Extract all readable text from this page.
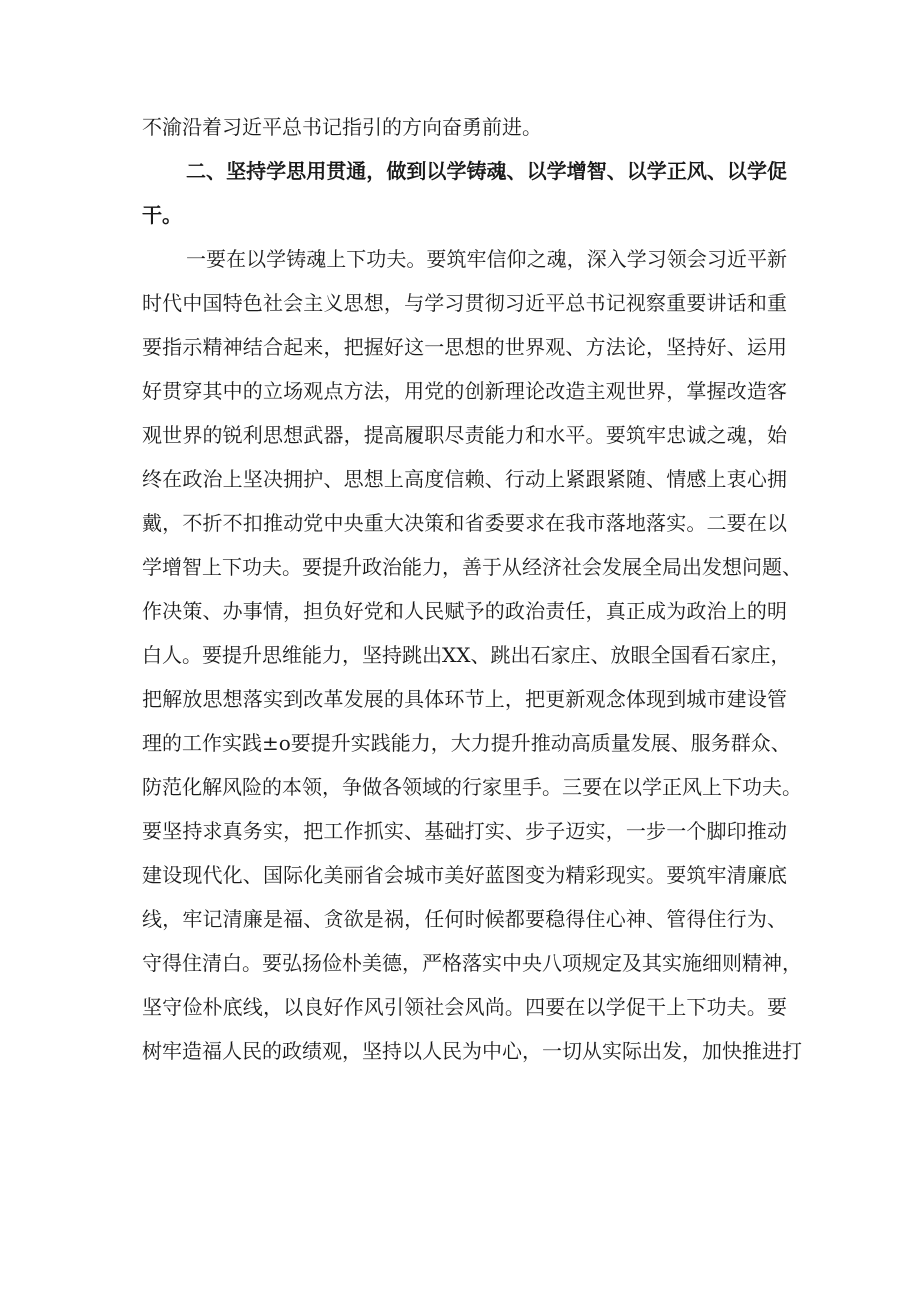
不渝沿着习近平总书记指引的方向奋勇前进。
二、坚持学思用贯通，做到以学铸魂、以学增智、以学正风、以学促
干。
一要在以学铸魂上下功夫。要筑牢信仰之魂，深入学习领会习近平新
时代中国特色社会主义思想，与学习贯彻习近平总书记视察重要讲话和重
要指示精神结合起来，把握好这一思想的世界观、方法论，坚持好、运用
好贯穿其中的立场观点方法，用党的创新理论改造主观世界，掌握改造客
观世界的锐利思想武器，提高履职尽责能力和水平。要筑牢忠诚之魂，始
终在政治上坚决拥护、思想上高度信赖、行动上紧跟紧随、情感上衷心拥
戴，不折不扣推动党中央重大决策和省委要求在我市落地落实。二要在以
学增智上下功夫。要提升政治能力，善于从经济社会发展全局出发想问题、
作决策、办事情，担负好党和人民赋予的政治责任，真正成为政治上的明
白人。要提升思维能力，坚持跳出XX、跳出石家庄、放眼全国看石家庄，
把解放思想落实到改革发展的具体环节上，把更新观念体现到城市建设管
理的工作实践±o要提升实践能力，大力提升推动高质量发展、服务群众、
防范化解风险的本领，争做各领域的行家里手。三要在以学正风上下功夫。
要坚持求真务实，把工作抓实、基础打实、步子迈实，一步一个脚印推动
建设现代化、国际化美丽省会城市美好蓝图变为精彩现实。要筑牢清廉底
线，牢记清廉是福、贪欲是祸，任何时候都要稳得住心神、管得住行为、
守得住清白。要弘扬俭朴美德，严格落实中央八项规定及其实施细则精神，
坚守俭朴底线，以良好作风引领社会风尚。四要在以学促干上下功夫。要
树牢造福人民的政绩观，坚持以人民为中心，一切从实际出发，加快推进打
